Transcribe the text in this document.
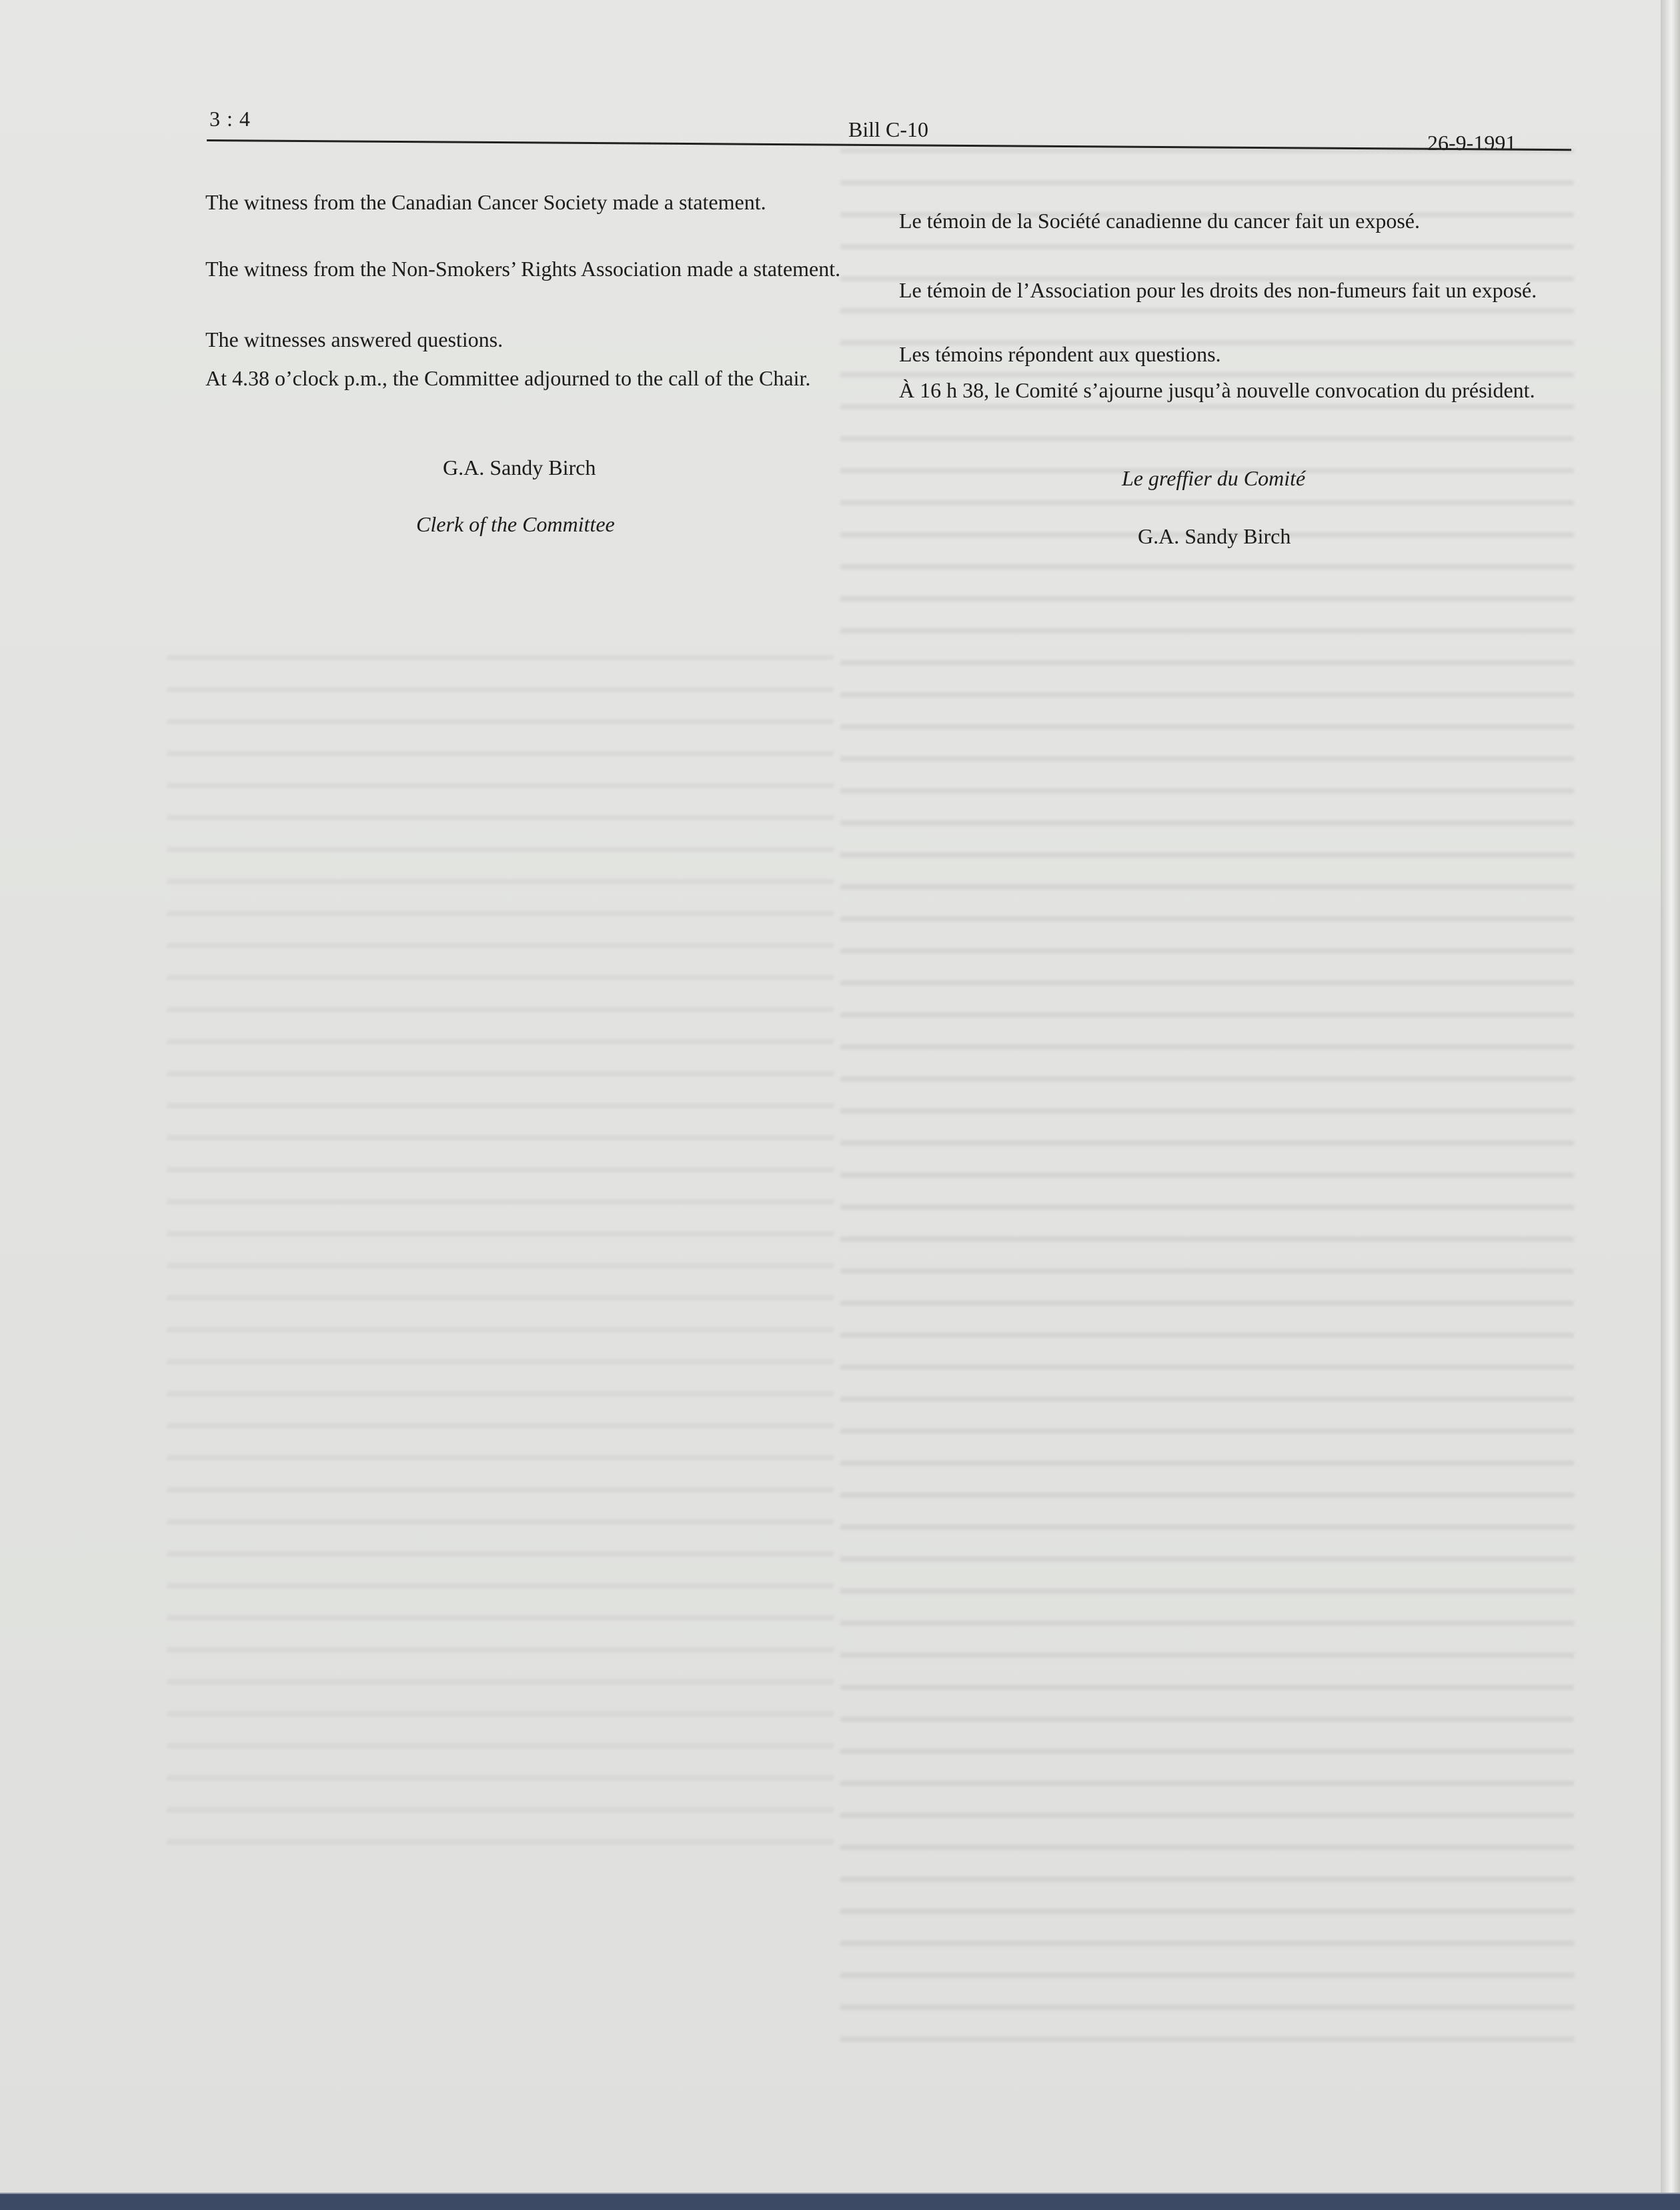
3 : 4	Bill C-10
26-9-1991
The witness from the Canadian Cancer Society made a statement.
The witness from the Non-Smokers’ Rights Association made a statement.
The witnesses answered questions.
At 4.38 o’clock p.m., the Committee adjourned to the call of the Chair.
G.A. Sandy Birch
Clerk of the Committee
Le témoin de la Société canadienne du cancer fait un exposé.
Le témoin de l’Association pour les droits des non-fumeurs fait un exposé.
Les témoins répondent aux questions.
À 16 h 38, le Comité s’ajourne jusqu’à nouvelle convocation du président.
Le greffier du Comité
G.A. Sandy Birch
